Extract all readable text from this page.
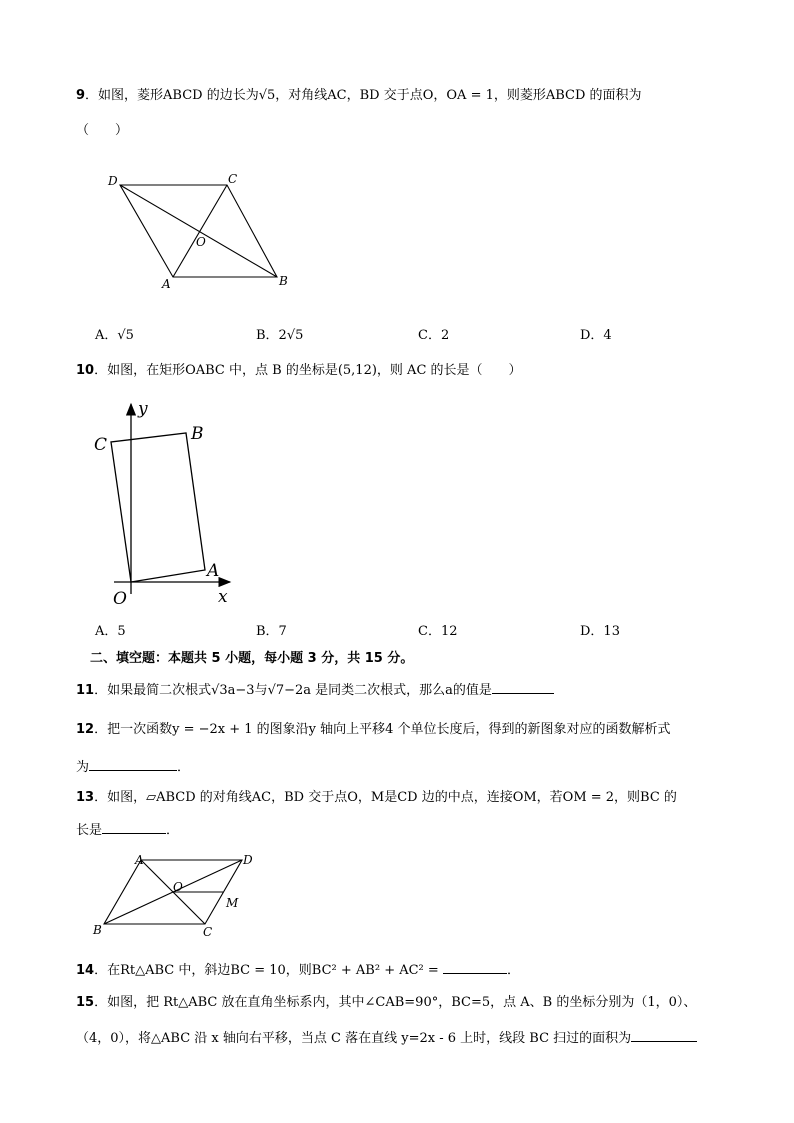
9．如图，菱形ABCD 的边长为√5，对角线AC，BD 交于点O，OA = 1，则菱形ABCD 的面积为
（　　）
D	C
O
A	B
A．√5	B．2√5	C．2	D．4
10．如图，在矩形OABC 中，点 B 的坐标是(5,12)，则 AC 的长是（　　）
y
x
O
A
B
C
A．5	B．7	C．12	D．13
二、填空题：本题共 5 小题，每小题 3 分，共 15 分。
11．如果最简二次根式√3a−3与√7−2a 是同类二次根式，那么a的值是
12．把一次函数y = −2x + 1 的图象沿y 轴向上平移4 个单位长度后，得到的新图象对应的函数解析式
为	．
13．如图，▱ABCD 的对角线AC，BD 交于点O，M是CD 边的中点，连接OM，若OM = 2，则BC 的
长是	．
A	D
O
M
B	C
14．在Rt△ABC 中，斜边BC = 10，则BC² + AB² + AC² =	．
15．如图，把 Rt△ABC 放在直角坐标系内，其中∠CAB=90°，BC=5，点 A、B 的坐标分别为（1，0）、
（4，0），将△ABC 沿 x 轴向右平移，当点 C 落在直线 y=2x - 6 上时，线段 BC 扫过的面积为
